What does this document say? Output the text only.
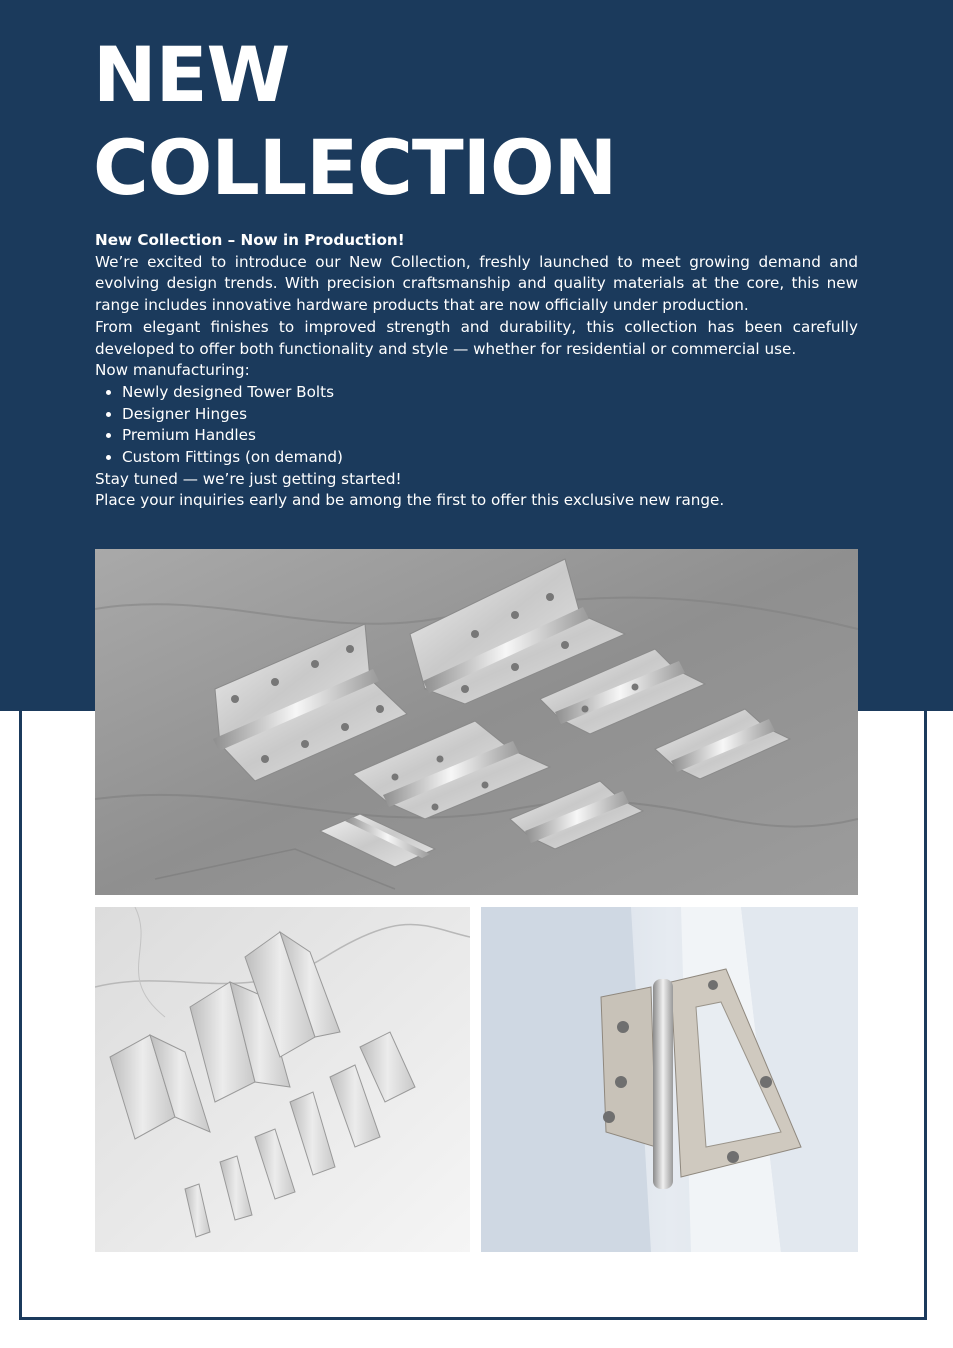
NEW
COLLECTION

New Collection – Now in Production!

We’re excited to introduce our New Collection, freshly launched to meet growing demand and evolving design trends. With precision craftsmanship and quality materials at the core, this new range includes innovative hardware products that are now officially under production.

From elegant finishes to improved strength and durability, this collection has been carefully developed to offer both functionality and style — whether for residential or commercial use.

Now manufacturing:

• Newly designed Tower Bolts
• Designer Hinges
• Premium Handles
• Custom Fittings (on demand)

Stay tuned — we’re just getting started!

Place your inquiries early and be among the first to offer this exclusive new range.
